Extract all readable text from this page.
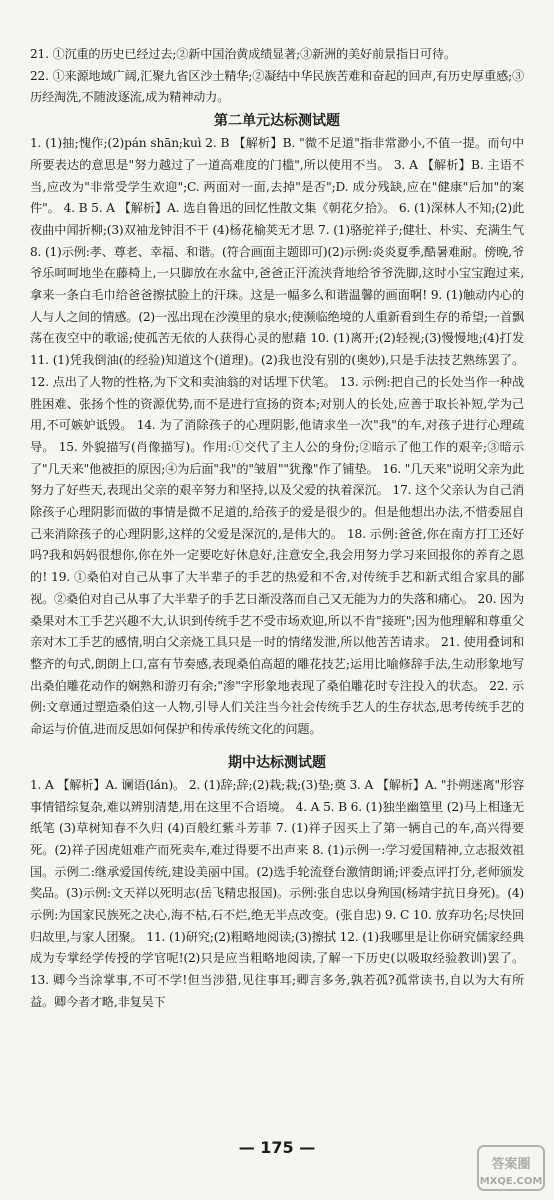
21. ①沉重的历史已经过去;②新中国治黄成绩显著;③新洲的美好前景指日可待。

22. ①来源地域广阔,汇聚九省区沙土精华;②凝结中华民族苦难和奋起的回声,有历史厚重感;③历经淘洗,不随波逐流,成为精神动力。

第二单元达标测试题

1. (1)抽;愧作;(2)pán shān;kuì 2. B 【解析】B. "微不足道"指非常渺小,不值一提。而句中所要表达的意思是"努力越过了一道高难度的门槛",所以使用不当。 3. A 【解析】B. 主语不当,应改为"非常受学生欢迎";C. 两面对一面,去掉"是否";D. 成分残缺,应在"健康"后加"的案件"。 4. B 5. A 【解析】A. 选自鲁迅的回忆性散文集《朝花夕拾》。 6. (1)深林人不知;(2)此夜曲中闻折柳;(3)双袖龙钟泪不干 (4)杨花榆荚无才思 7. (1)骆驼祥子;健壮、朴实、充满生气 8. (1)示例:孝、尊老、幸福、和谐。(符合画面主题即可)(2)示例:炎炎夏季,酷暑难耐。傍晚,爷爷乐呵呵地坐在藤椅上,一只脚放在水盆中,爸爸正汗流浃背地给爷爷洗脚,这时小宝宝跑过来,拿来一条白毛巾给爸爸擦拭脸上的汗珠。这是一幅多么和谐温馨的画面啊! 9. (1)触动内心的人与人之间的情感。(2)一泓出现在沙漠里的泉水;使濒临绝境的人重新看到生存的希望;一首飘荡在夜空中的歌谣;使孤苦无依的人获得心灵的慰藉 10. (1)离开;(2)轻视;(3)慢慢地;(4)打发 11. (1)凭我倒油(的经验)知道这个(道理)。(2)我也没有别的(奥妙),只是手法技艺熟练罢了。 12. 点出了人物的性格,为下文和卖油翁的对话埋下伏笔。 13. 示例:把自己的长处当作一种战胜困难、张扬个性的资源优势,而不是进行宣扬的资本;对别人的长处,应善于取长补短,学为己用,不可嫉妒诋毁。 14. 为了消除孩子的心理阴影,他请求坐一次"我"的车,对孩子进行心理疏导。 15. 外貌描写(肖像描写)。作用:①交代了主人公的身份;②暗示了他工作的艰辛;③暗示了"几天来"他被拒的原因;④为后面"我"的"皱眉""犹豫"作了铺垫。 16. "几天来"说明父亲为此努力了好些天,表现出父亲的艰辛努力和坚持,以及父爱的执着深沉。 17. 这个父亲认为自己消除孩子心理阴影而做的事情是微不足道的,给孩子的爱是很少的。但是他想出办法,不惜委屈自己来消除孩子的心理阴影,这样的父爱是深沉的,是伟大的。 18. 示例:爸爸,你在南方打工还好吗?我和妈妈很想你,你在外一定要吃好休息好,注意安全,我会用努力学习来回报你的养育之恩的! 19. ①桑伯对自己从事了大半辈子的手艺的热爱和不舍,对传统手艺和新式组合家具的鄙视。②桑伯对自己从事了大半辈子的手艺日渐没落而自己又无能为力的失落和痛心。 20. 因为桑果对木工手艺兴趣不大,认识到传统手艺不受市场欢迎,所以不肯"接班";因为他理解和尊重父亲对木工手艺的感情,明白父亲烧工具只是一时的情绪发泄,所以他苦苦请求。 21. 使用叠词和整齐的句式,朗朗上口,富有节奏感,表现桑伯高超的雕花技艺;运用比喻修辞手法,生动形象地写出桑伯雕花动作的娴熟和游刃有余;"渗"字形象地表现了桑伯雕花时专注投入的状态。 22. 示例:文章通过塑造桑伯这一人物,引导人们关注当今社会传统手艺人的生存状态,思考传统手艺的命运与价值,进而反思如何保护和传承传统文化的问题。

期中达标测试题

1. A 【解析】A. 谰语(lán)。 2. (1)辞;辞;(2)栽;栽;(3)垫;奠 3. A 【解析】A. "扑朔迷离"形容事情错综复杂,难以辨别清楚,用在这里不合语境。 4. A 5. B 6. (1)独坐幽篁里 (2)马上相逢无纸笔 (3)草树知春不久归 (4)百般红紫斗芳菲 7. (1)祥子因买上了第一辆自己的车,高兴得要死。(2)祥子因虎妞难产而死卖车,难过得要不出声来 8. (1)示例一:学习爱国精神,立志报效祖国。示例二:继承爱国传统,建设美丽中国。(2)选手轮流登台激情朗诵;评委点评打分,老师颁发奖品。(3)示例:文天祥以死明志(岳飞精忠报国)。示例:张自忠以身殉国(杨靖宇抗日身死)。(4)示例:为国家民族死之决心,海不枯,石不烂,绝无半点改变。(张自忠) 9. C 10. 放弃功名;尽快回归故里,与家人团聚。 11. (1)研究;(2)粗略地阅读;(3)擦拭 12. (1)我哪里是让你研究儒家经典成为专掌经学传授的学官呢!(2)只是应当粗略地阅读,了解一下历史(以吸取经验教训)罢了。 13. 卿今当涂掌事,不可不学!但当涉猎,见往事耳;卿言多务,孰若孤?孤常读书,自以为大有所益。卿今者才略,非复吴下

— 175 —
答案圈
MXQE.COM
